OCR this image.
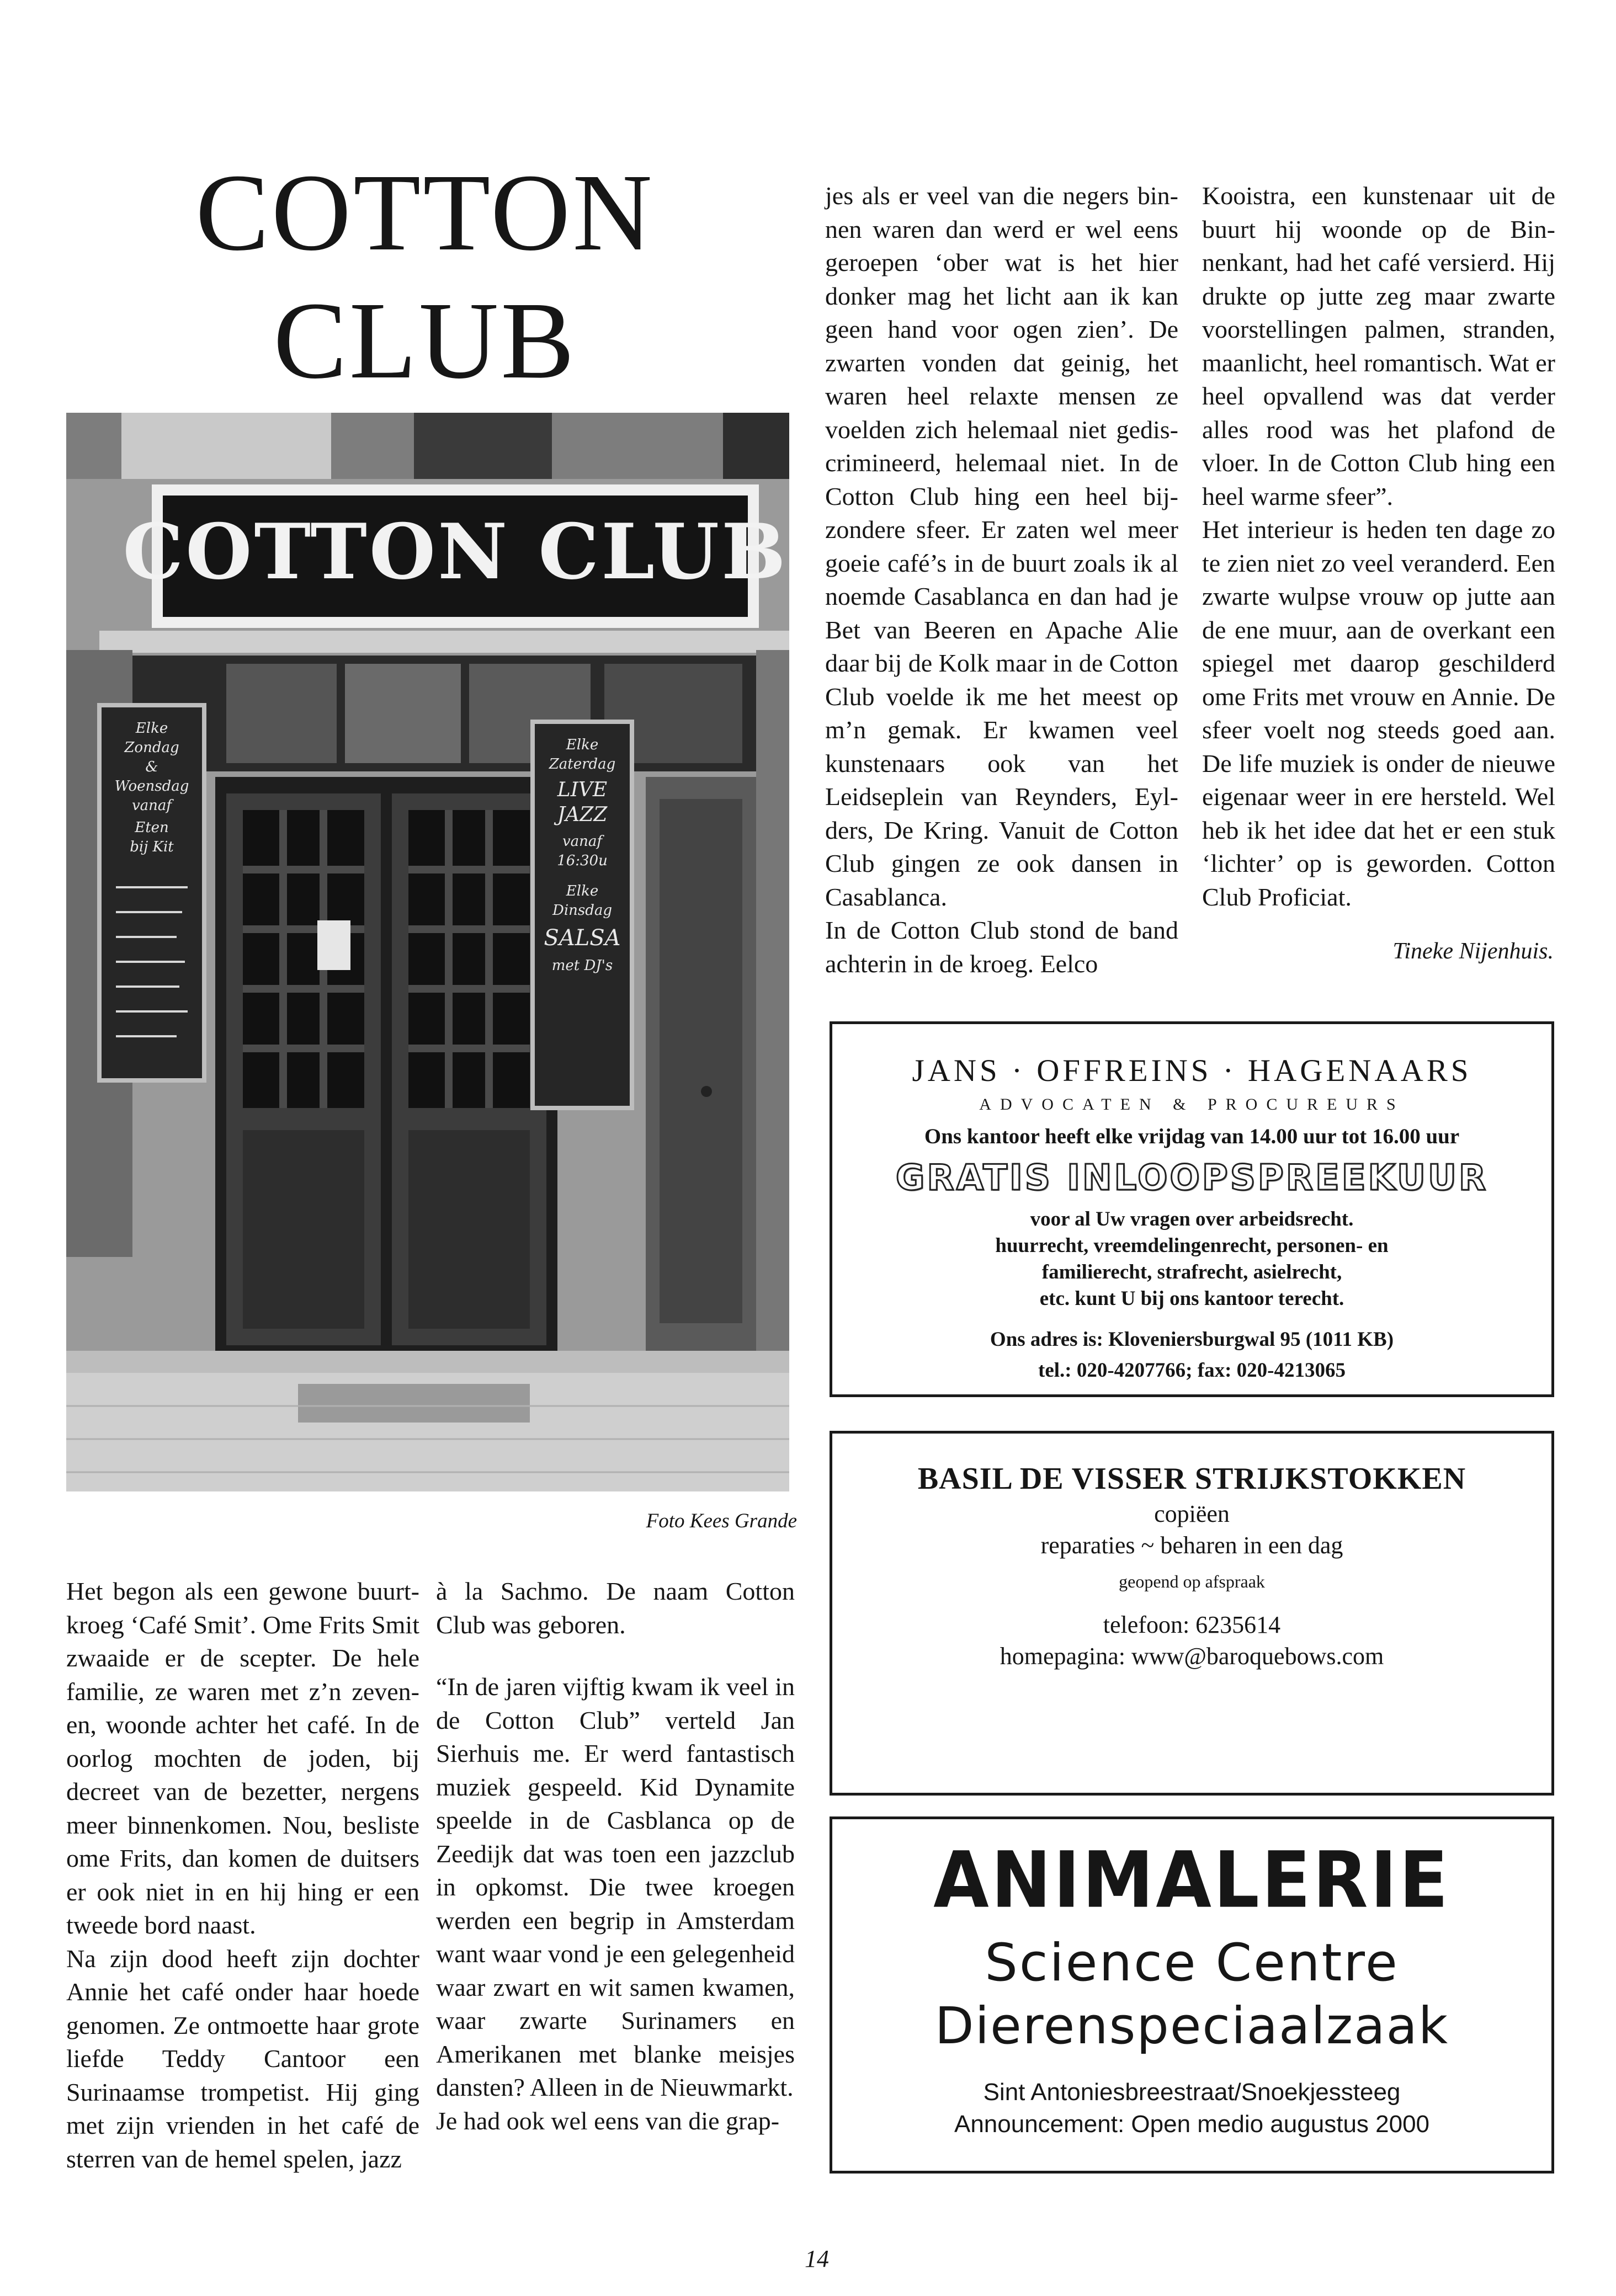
COTTON CLUB
COTTON CLUB
Elke
Zondag
&
Woensdag
vanaf
Eten
bij Kit
Elke
Zaterdag
LIVE
JAZZ
vanaf
16:30u
Elke
Dinsdag
SALSA
met DJ's
Foto Kees Grande

Het begon als een gewone buurtkroeg ‘Café Smit’. Ome Frits Smit zwaaide er de scepter. De hele familie, ze waren met z’n zevenen, woonde achter het café. In de oorlog mochten de joden, bij decreet van de bezetter, nergens meer binnenkomen. Nou, besliste ome Frits, dan komen de duitsers er ook niet in en hij hing er een tweede bord naast.

Na zijn dood heeft zijn dochter Annie het café onder haar hoede genomen. Ze ontmoette haar grote liefde Teddy Cantoor een Surinaamse trompetist. Hij ging met zijn vrienden in het café de sterren van de hemel spelen, jazz

à la Sachmo. De naam Cotton Club was geboren.

“In de jaren vijftig kwam ik veel in de Cotton Club” verteld Jan Sierhuis me. Er werd fantastisch muziek gespeeld. Kid Dynamite speelde in de Casblanca op de Zeedijk dat was toen een jazzclub in opkomst. Die twee kroegen werden een begrip in Amsterdam want waar vond je een gelegenheid waar zwart en wit samen kwamen, waar zwarte Surinamers en Amerikanen met blanke meisjes dansten? Alleen in de Nieuwmarkt.

Je had ook wel eens van die grap-

jes als er veel van die negers binnen waren dan werd er wel eens geroepen ‘ober wat is het hier donker mag het licht aan ik kan geen hand voor ogen zien’. De zwarten vonden dat geinig, het waren heel relaxte mensen ze voelden zich helemaal niet gediscrimineerd, helemaal niet. In de Cotton Club hing een heel bijzondere sfeer. Er zaten wel meer goeie café’s in de buurt zoals ik al noemde Casablanca en dan had je Bet van Beeren en Apache Alie daar bij de Kolk maar in de Cotton Club voelde ik me het meest op m’n gemak. Er kwamen veel kunstenaars ook van het Leidseplein van Reynders, Eylders, De Kring. Vanuit de Cotton Club gingen ze ook dansen in Casablanca.

In de Cotton Club stond de band achterin in de kroeg. Eelco

Kooistra, een kunstenaar uit de buurt hij woonde op de Binnenkant, had het café versierd. Hij drukte op jutte zeg maar zwarte voorstellingen palmen, stranden, maanlicht, heel romantisch. Wat er heel opvallend was dat verder alles rood was het plafond de vloer. In de Cotton Club hing een heel warme sfeer”.

Het interieur is heden ten dage zo te zien niet zo veel veranderd. Een zwarte wulpse vrouw op jutte aan de ene muur, aan de overkant een spiegel met daarop geschilderd ome Frits met vrouw en Annie. De sfeer voelt nog steeds goed aan. De life muziek is onder de nieuwe eigenaar weer in ere hersteld. Wel heb ik het idee dat het er een stuk ‘lichter’ op is geworden. Cotton Club Proficiat.

Tineke Nijenhuis.
JANS · OFFREINS · HAGENAARS
ADVOCATEN & PROCUREURS
Ons kantoor heeft elke vrijdag van 14.00 uur tot 16.00 uur
GRATIS INLOOPSPREEKUUR
voor al Uw vragen over arbeidsrecht.
huurrecht, vreemdelingenrecht, personen- en
familierecht, strafrecht, asielrecht,
etc. kunt U bij ons kantoor terecht.
Ons adres is: Kloveniersburgwal 95 (1011 KB)
tel.: 020-4207766; fax: 020-4213065
BASIL DE VISSER STRIJKSTOKKEN
copiëen
reparaties ~ beharen in een dag
geopend op afspraak
telefoon: 6235614
homepagina: www@baroquebows.com
ANIMALERIE
Science Centre
Dierenspeciaalzaak
Sint Antoniesbreestraat/Snoekjessteeg
Announcement: Open medio augustus 2000
14
